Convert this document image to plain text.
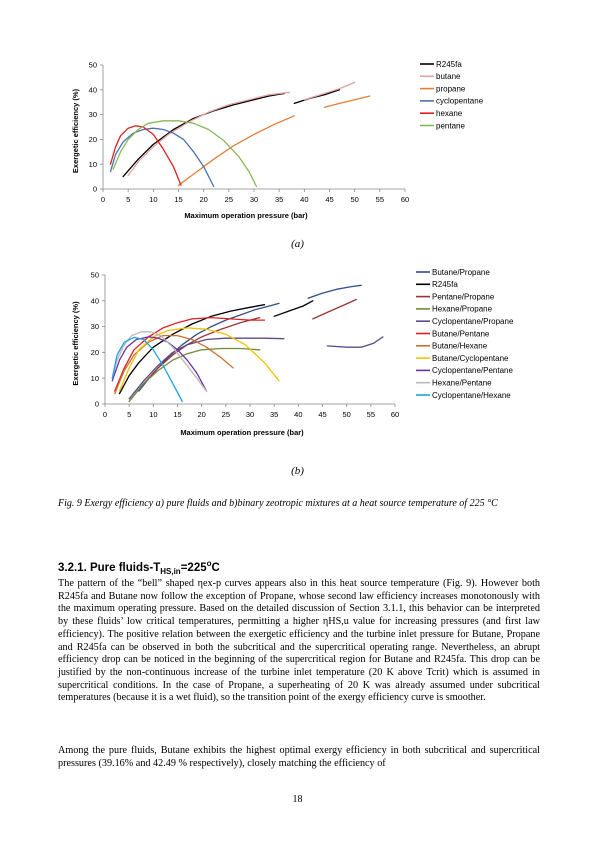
0
10
20
30
40
50
0	5	10 15 20 25 30 35 40 45 50 55 60
Maximum operation pressure (bar)
Exergetic efficiency (%)
R245fa
butane
propane
cyclopentane
hexane
pentane
(a)
0
10
20
30
40
50
0	5 10 15 20 25 30 35 40 45 50 55 60
Maximum operation pressure (bar)
Exergetic efficiency (%)
Butane/Propane
R245fa
Pentane/Propane
Hexane/Propane
Cyclopentane/Propane
Butane/Pentane
Butane/Hexane
Butane/Cyclopentane
Cyclopentane/Pentane
Hexane/Pentane
Cyclopentane/Hexane
(b)
Fig. 9 Exergy efficiency a) pure fluids and b)binary zeotropic mixtures at a heat source temperature of 225 °C
3.2.1. Pure fluids-$T_{HS,in}=225^oC$

The pattern of the “bell” shaped ηex-p curves appears also in this heat source temperature (Fig. 9). However both R245fa and Butane now follow the exception of Propane, whose second law efficiency increases monotonously with the maximum operating pressure. Based on the detailed discussion of Section 3.1.1, this behavior can be interpreted by these fluids’ low critical temperatures, permitting a higher ηHS,u value for increasing pressures (and first law efficiency). The positive relation between the exergetic efficiency and the turbine inlet pressure for Butane, Propane and R245fa can be observed in both the subcritical and the supercritical operating range. Nevertheless, an abrupt efficiency drop can be noticed in the beginning of the supercritical region for Butane and R245fa. This drop can be justified by the non-continuous increase of the turbine inlet temperature (20 K above Tcrit) which is assumed in supercritical conditions. In the case of Propane, a superheating of 20 K was already assumed under subcritical temperatures (because it is a wet fluid), so the transition point of the exergy efficiency curve is smoother.

Among the pure fluids, Butane exhibits the highest optimal exergy efficiency in both subcritical and supercritical pressures (39.16% and 42.49 % respectively), closely matching the efficiency of

18
